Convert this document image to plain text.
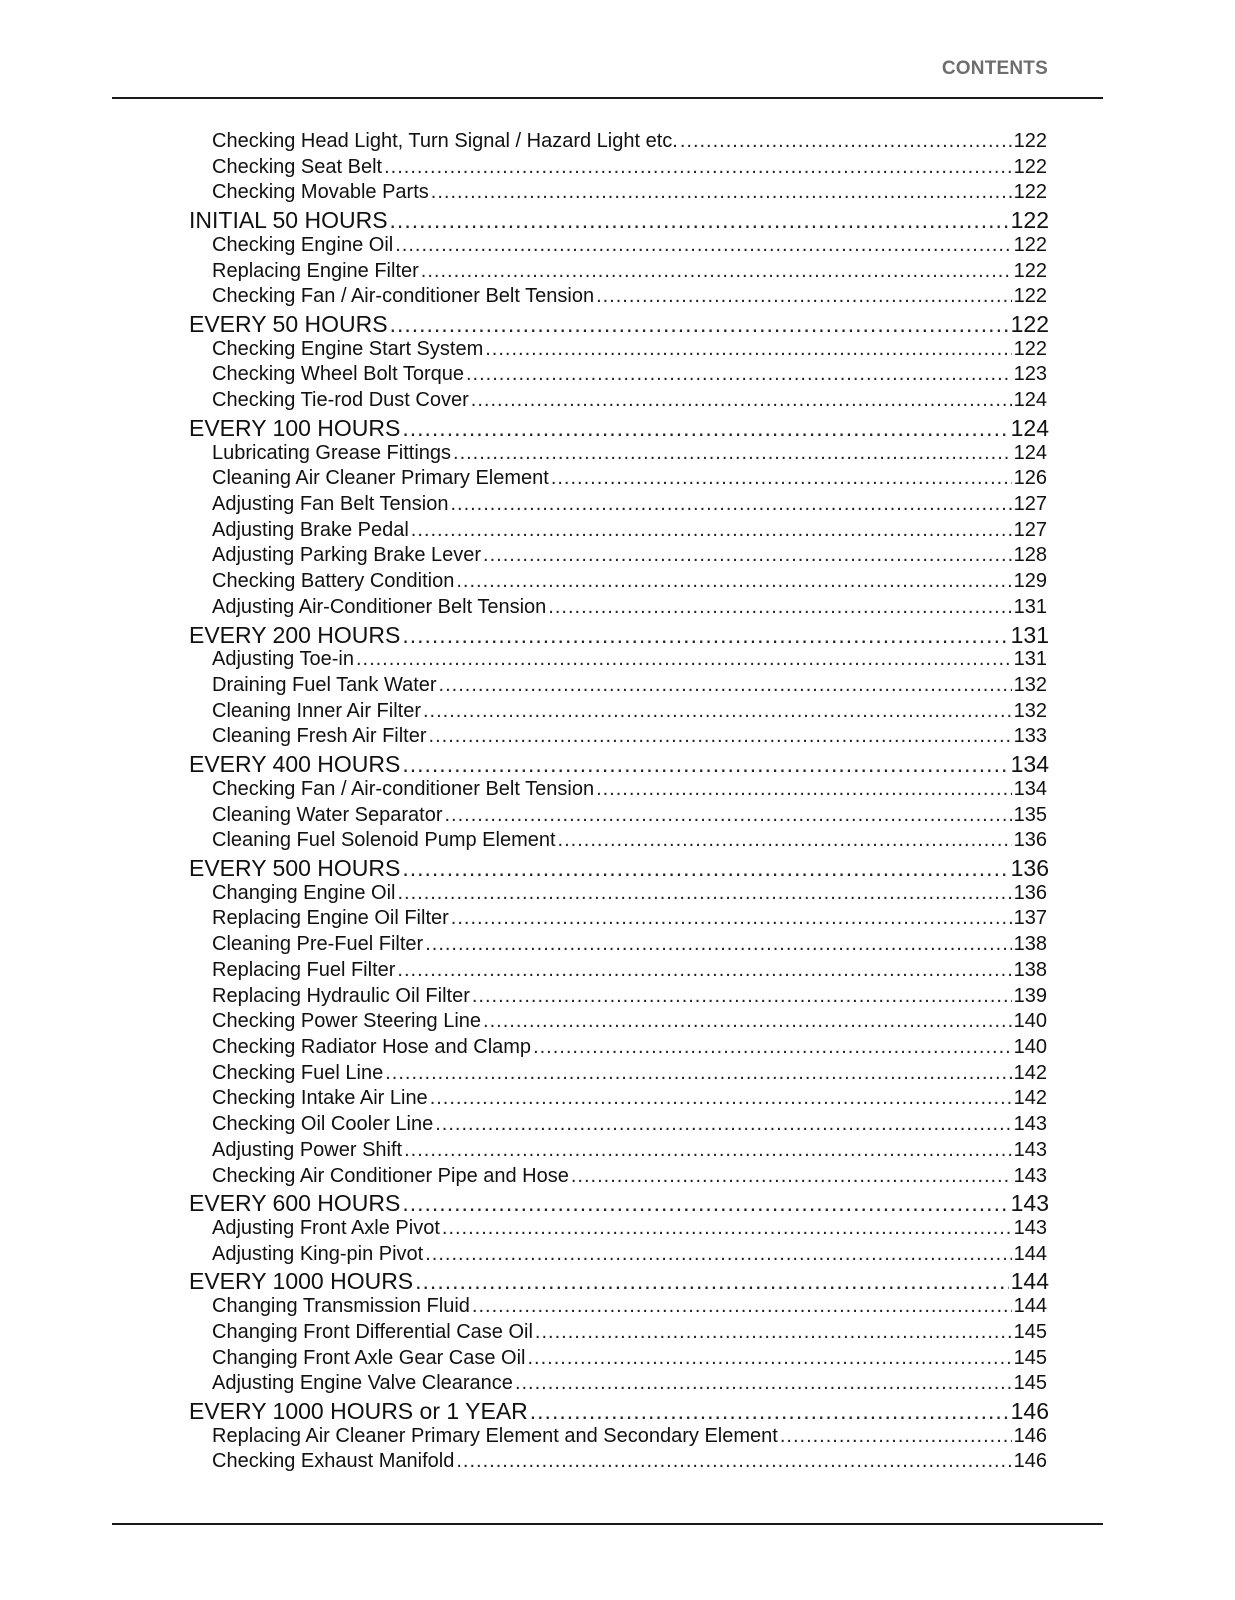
CONTENTS
Checking Head Light, Turn Signal / Hazard Light etc. .....	122
Checking Seat Belt .....	122
Checking Movable Parts .....	122
INITIAL 50 HOURS .....	122
Checking Engine Oil .....	122
Replacing Engine Filter .....	122
Checking Fan / Air-conditioner Belt Tension .....	122
EVERY 50 HOURS .....	122
Checking Engine Start System .....	122
Checking Wheel Bolt Torque .....	123
Checking Tie-rod Dust Cover .....	124
EVERY 100 HOURS .....	124
Lubricating Grease Fittings .....	124
Cleaning Air Cleaner Primary Element .....	126
Adjusting Fan Belt Tension .....	127
Adjusting Brake Pedal .....	127
Adjusting Parking Brake Lever .....	128
Checking Battery Condition .....	129
Adjusting Air-Conditioner Belt Tension .....	131
EVERY 200 HOURS .....	131
Adjusting Toe-in .....	131
Draining Fuel Tank Water .....	132
Cleaning Inner Air Filter .....	132
Cleaning Fresh Air Filter .....	133
EVERY 400 HOURS .....	134
Checking Fan / Air-conditioner Belt Tension .....	134
Cleaning Water Separator .....	135
Cleaning Fuel Solenoid Pump Element .....	136
EVERY 500 HOURS .....	136
Changing Engine Oil .....	136
Replacing Engine Oil Filter .....	137
Cleaning Pre-Fuel Filter .....	138
Replacing Fuel Filter .....	138
Replacing Hydraulic Oil Filter .....	139
Checking Power Steering Line .....	140
Checking Radiator Hose and Clamp .....	140
Checking Fuel Line .....	142
Checking Intake Air Line .....	142
Checking Oil Cooler Line .....	143
Adjusting Power Shift .....	143
Checking Air Conditioner Pipe and Hose .....	143
EVERY 600 HOURS .....	143
Adjusting Front Axle Pivot .....	143
Adjusting King-pin Pivot .....	144
EVERY 1000 HOURS .....	144
Changing Transmission Fluid .....	144
Changing Front Differential Case Oil .....	145
Changing Front Axle Gear Case Oil .....	145
Adjusting Engine Valve Clearance .....	145
EVERY 1000 HOURS or 1 YEAR .....	146
Replacing Air Cleaner Primary Element and Secondary Element .....	146
Checking Exhaust Manifold .....	146
